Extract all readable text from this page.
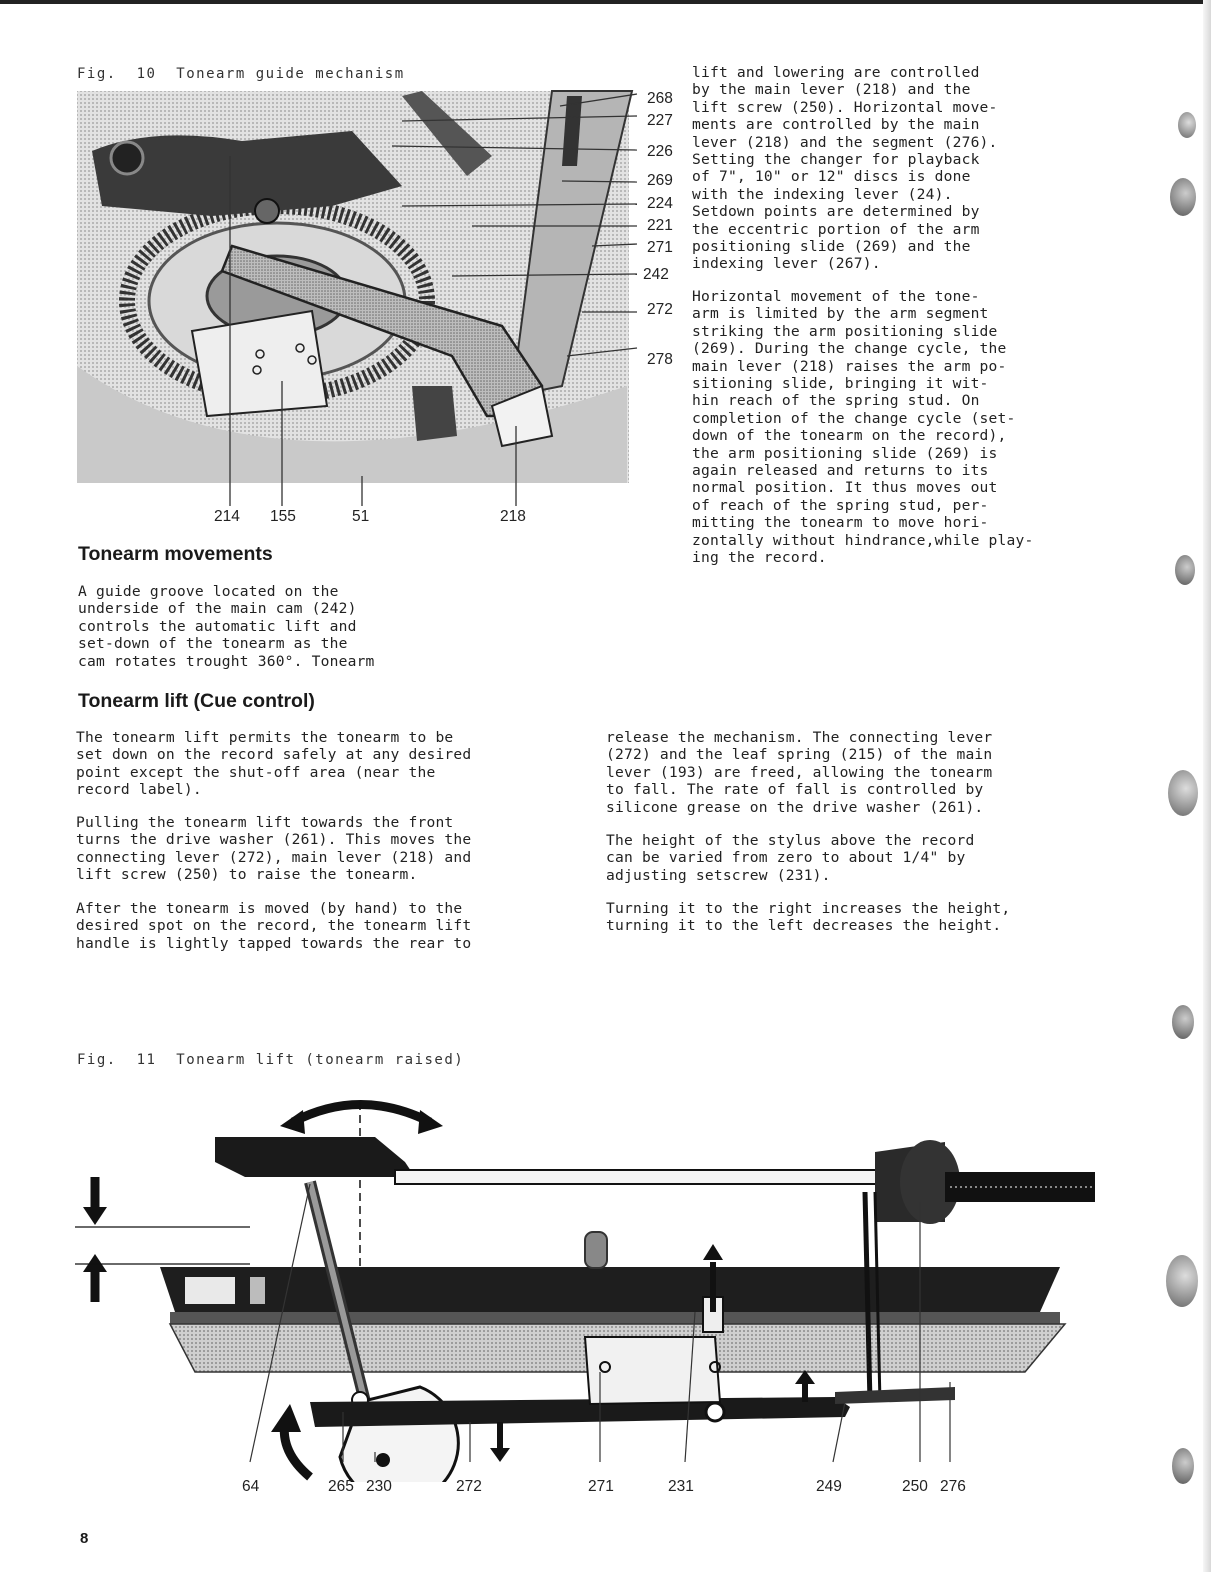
Fig.  10  Tonearm guide mechanism
268
227
226
269
224
221
271
242
272
278
214 155	51	218
lift and lowering are controlled
by the main lever (218) and the
lift screw (250). Horizontal move-
ments are controlled by the main
lever (218) and the segment (276).
Setting the changer for playback
of 7", 10" or 12" discs is done
with the indexing lever (24).
Setdown points are determined by
the eccentric portion of the arm
positioning slide (269) and the
indexing lever (267).
Horizontal movement of the tone-
arm is limited by the arm segment
striking the arm positioning slide
(269). During the change cycle, the
main lever (218) raises the arm po-
sitioning slide, bringing it wit-
hin reach of the spring stud. On
completion of the change cycle (set-
down of the tonearm on the record),
the arm positioning slide (269) is
again released and returns to its
normal position. It thus moves out
of reach of the spring stud, per-
mitting the tonearm to move hori-
zontally without hindrance,while play-
ing the record.
Tonearm movements
A guide groove located on the
underside of the main cam (242)
controls the automatic lift and
set-down of the tonearm as the
cam rotates trought 360°. Tonearm
Tonearm lift (Cue control)
The tonearm lift permits the tonearm to be
set down on the record safely at any desired
point except the shut-off area (near the
record label).
Pulling the tonearm lift towards the front
turns the drive washer (261). This moves the
connecting lever (272), main lever (218) and
lift screw (250) to raise the tonearm.
After the tonearm is moved (by hand) to the
desired spot on the record, the tonearm lift
handle is lightly tapped towards the rear to
release the mechanism. The connecting lever
(272) and the leaf spring (215) of the main
lever (193) are freed, allowing the tonearm
to fall. The rate of fall is controlled by
silicone grease on the drive washer (261).
The height of the stylus above the record
can be varied from zero to about 1/4" by
adjusting setscrew (231).
Turning it to the right increases the height,
turning it to the left decreases the height.
Fig.  11  Tonearm lift (tonearm raised)
64	265 230	272	271	231	249	250 276
8
